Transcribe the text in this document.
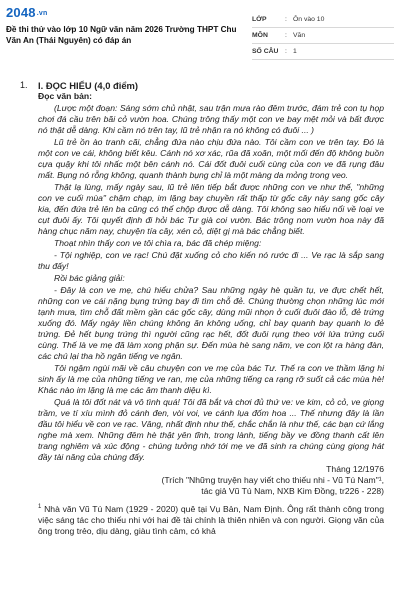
2048.vn
Đề thi thử vào lớp 10 Ngữ văn năm 2026 Trường THPT Chu Văn An (Thái Nguyên) có đáp án
LỚP	: Ôn vào 10
MÔN	: Văn
SỐ CÂU : 1
1. I. ĐỌC HIỂU (4,0 điểm)
Đọc văn bản:

(Lược một đoạn: Sáng sớm chủ nhật, sau trận mưa rào đêm trước, đám trẻ con tụ họp chơi đá cầu trên bãi cỏ vườn hoa. Chúng trông thấy một con ve bay mệt mỏi và bất được nó thật dễ dàng. Khi cầm nó trên tay, lũ trẻ nhận ra nó không có đuôi ... )

Lũ trẻ ồn ào tranh cãi, chẳng đứa nào chịu đứa nào. Tôi cầm con ve trên tay. Đó là một con ve cái, không biết kêu. Cánh nó xơ xác, rũa đã xoăn, một mối đến độ không buồn cựa quậy khi tôi nhấc một bên cánh nó. Cái đốt đuôi cuối cùng của con ve đã rụng đâu mất. Bụng nó rỗng không, quanh thành bụng chỉ là một màng da mỏng trong veo.

Thật lạ lùng, mấy ngày sau, lũ trẻ liên tiếp bắt được những con ve như thế, "những con ve cuối mùa" chậm chạp, im lặng bay chuyền rất thấp từ gốc cây này sang gốc cây kia, đến đứa trẻ lên ba cũng có thể chộp được dễ dàng. Tôi không sao hiểu nổi về loại ve cụt đuôi ấy. Tôi quyết định đi hỏi bác Tư già coi vườn. Bác trông nom vườn hoa này đã hàng chục năm nay, chuyện tía cây, xén cỏ, diệt gị mà bác chẳng biết.

Thoạt nhìn thấy con ve tôi chìa ra, bác đã chép miệng:

- Tội nghiệp, con ve rạc! Chú đặt xuống cỏ cho kiến nó rước đi ... Ve rạc là sắp sang thu đấy!

Rồi bác giảng giải:

- Đây là con ve mẹ, chú hiểu chửa? Sau những ngày hè quần tụ, ve đực chết hết, những con ve cái nặng bụng trứng bay đi tìm chỗ đẻ. Chúng thường chọn những lúc mới tạnh mưa, tìm chỗ đất mềm gần các gốc cây, dùng mũi nhọn ở cuối đuôi đào lỗ, đẻ trứng xuống đó. Mấy ngày liền chúng không ăn không uống, chỉ bay quanh bay quanh lo đẻ trứng. Đẻ hết bụng trứng thì người cũng rạc hết, đốt đuôi rụng theo với lứa trứng cuối cùng. Thế là ve mẹ đã làm xong phận sự. Đến mùa hè sang năm, ve con lột ra hàng đàn, các chú lại tha hồ ngân tiếng ve ngân.

Tôi ngậm ngùi mãi về câu chuyện con ve mẹ của bác Tư. Thế ra con ve thầm lặng hi sinh ấy là mẹ của những tiếng ve ran, mẹ của những tiếng ca rạng rỡ suốt cả các mùa hè! Khác nào im lặng là mẹ các âm thanh diệu kì.

Quá là tôi đốt nát và vô tình quá! Tôi đã bắt và chơi đủ thứ ve: ve kim, cỏ cỏ, ve giọng trầm, ve tí xíu mình đỏ cánh đen, vòi voi, ve cánh lụa đốm hoa ... Thế nhưng đây là lần đầu tôi hiểu về con ve rạc. Vâng, nhất định như thế, chắc chắn là như thế, các bạn cứ lắng nghe mà xem. Những đêm hè thật yên tĩnh, trong lành, tiếng bầy ve đồng thanh cất lên trang nghiêm và xúc động - chúng tưởng nhớ tới mẹ ve đã sinh ra chúng cùng giọng hát đầy tài năng của chúng đấy.

Tháng 12/1976

(Trích "Những truyện hay viết cho thiếu nhi - Vũ Tú Nam"¹,

tác giả Vũ Tú Nam, NXB Kim Đồng, tr226 - 228)

$^1$ Nhà văn Vũ Tú Nam (1929 - 2020) quê tại Vụ Bản, Nam Định. Ông rất thành công trong việc sáng tác cho thiếu nhi với hai đề tài chính là thiên nhiên và con người. Giọng văn của ông trong trẻo, dịu dàng, giàu tình cảm, có khả
